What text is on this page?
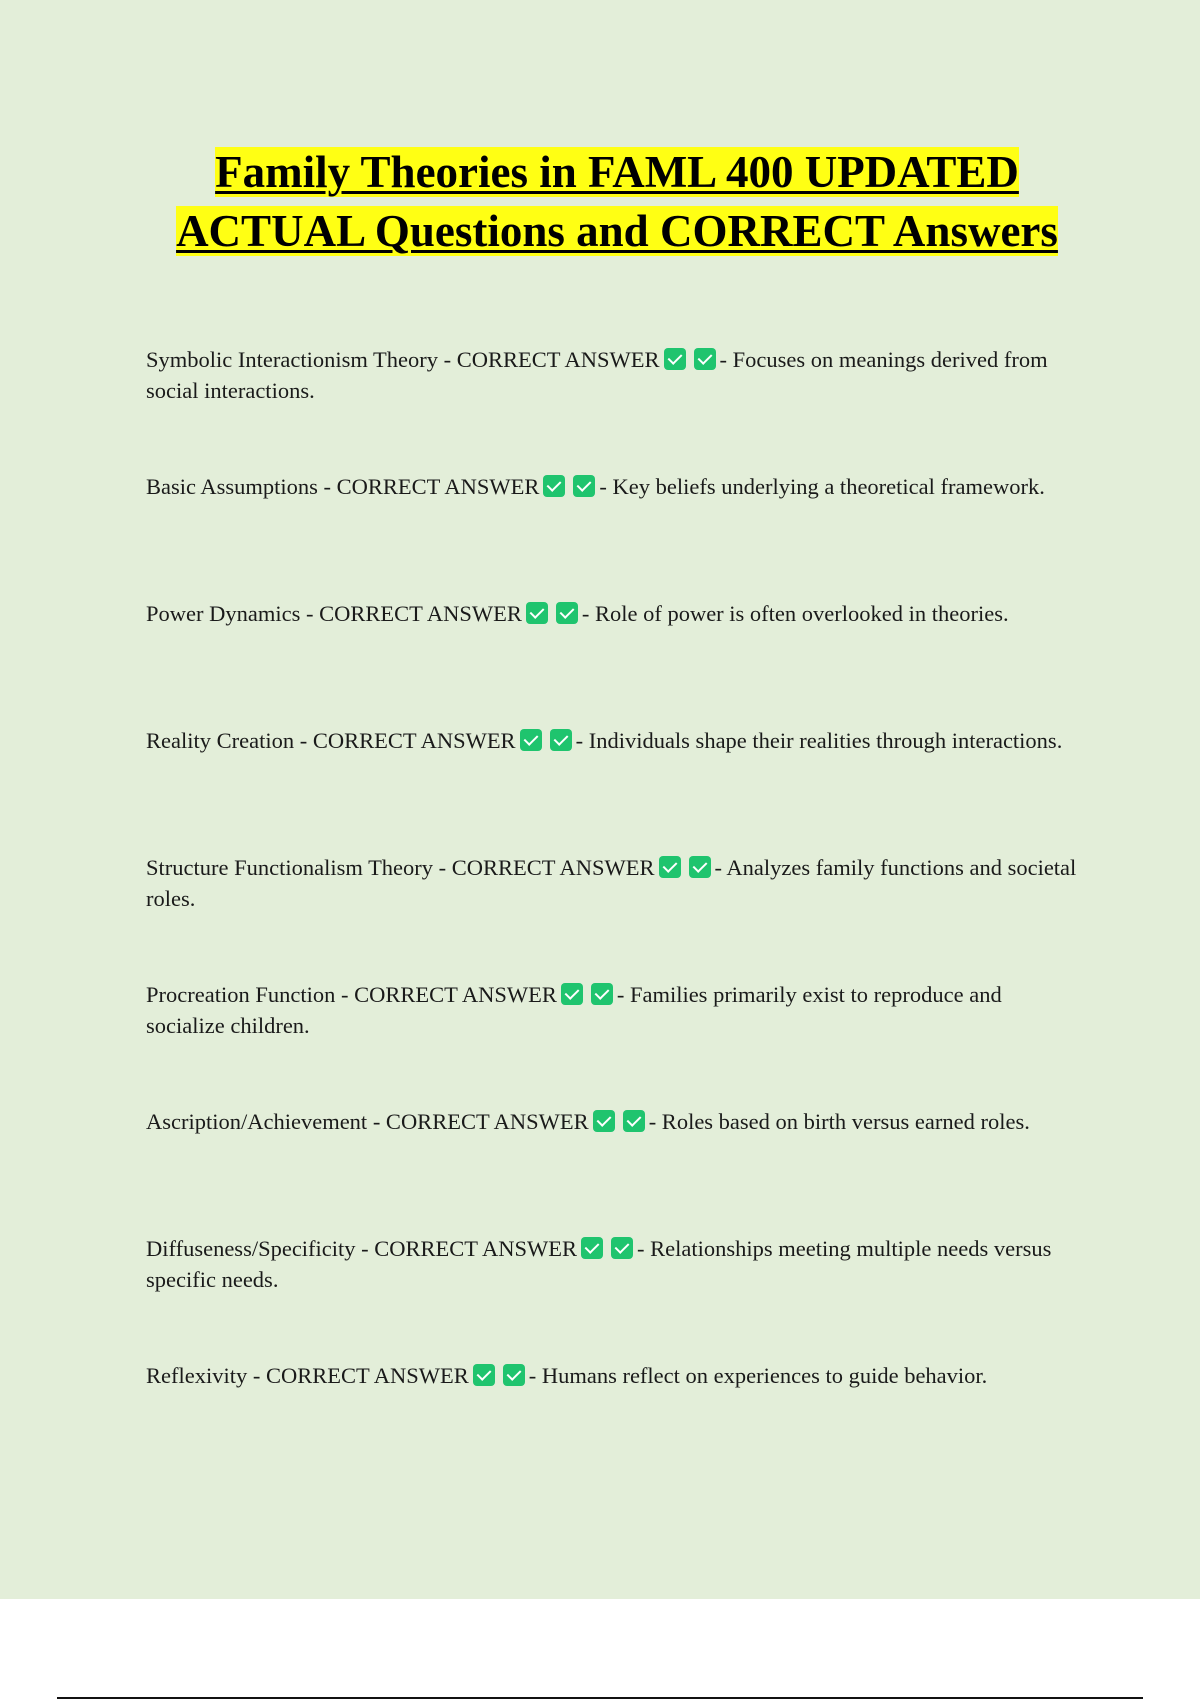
Family Theories in FAML 400 UPDATED ACTUAL Questions and CORRECT Answers
Symbolic Interactionism Theory - CORRECT ANSWER	- Focuses on meanings derived from social interactions.
Basic Assumptions - CORRECT ANSWER	- Key beliefs underlying a theoretical framework.
Power Dynamics - CORRECT ANSWER	- Role of power is often overlooked in theories.
Reality Creation - CORRECT ANSWER	- Individuals shape their realities through interactions.
Structure Functionalism Theory - CORRECT ANSWER	- Analyzes family functions and societal roles.
Procreation Function - CORRECT ANSWER	- Families primarily exist to reproduce and socialize children.
Ascription/Achievement - CORRECT ANSWER	- Roles based on birth versus earned roles.
Diffuseness/Specificity - CORRECT ANSWER	- Relationships meeting multiple needs versus specific needs.
Reflexivity - CORRECT ANSWER	- Humans reflect on experiences to guide behavior.
